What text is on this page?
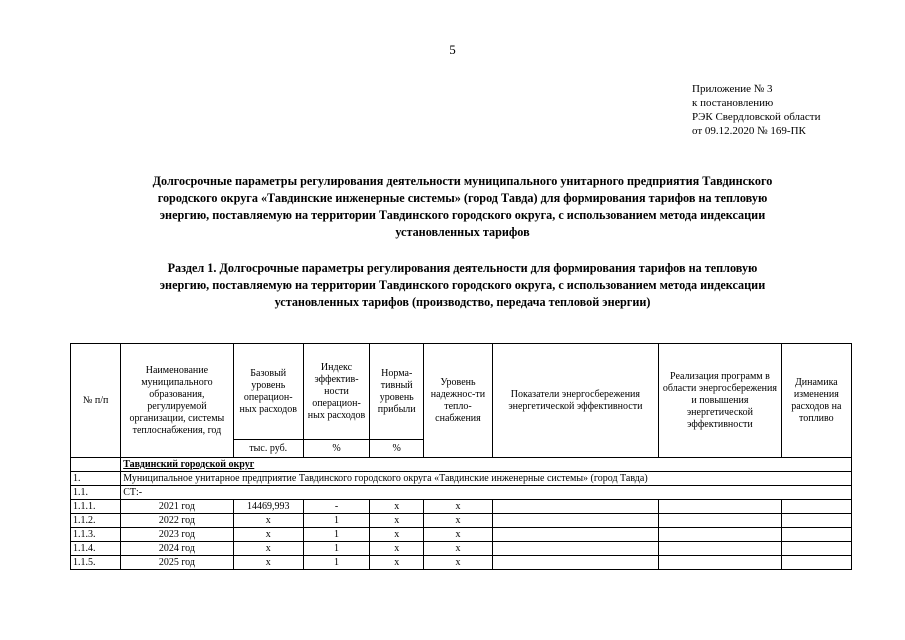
5
Приложение № 3
к постановлению
РЭК Свердловской области
от 09.12.2020 № 169-ПК
Долгосрочные параметры регулирования деятельности муниципального унитарного предприятия Тавдинского
городского округа «Тавдинские инженерные системы» (город Тавда) для формирования тарифов на тепловую
энергию, поставляемую на территории Тавдинского городского округа, с использованием метода индексации
установленных тарифов
Раздел 1. Долгосрочные параметры регулирования деятельности для формирования тарифов на тепловую
энергию, поставляемую на территории Тавдинского городского округа, с использованием метода индексации
установленных тарифов (производство, передача тепловой энергии)
№ п/п	Наименование муниципального образования, регулируемой организации, системы теплоснабжения, год	Базовый уровень операцион-ных расходов	Индекс эффектив-ности операцион-ных расходов	Норма-тивный уровень прибыли	Уровень надежнос-ти тепло-снабжения	Показатели энергосбережения энергетической эффективности	Реализация программ в области энергосбережения и повышения энергетической эффективности	Динамика изменения расходов на топливо
		тыс. руб.	%	%				
	Тавдинский городской округ							
1.	Муниципальное унитарное предприятие Тавдинского городского округа «Тавдинские инженерные системы» (город Тавда)							
1.1.	СТ:-							
1.1.1.	2021 год	14469,993	-	x	x			
1.1.2.	2022 год	x	1	x	x			
1.1.3.	2023 год	x	1	x	x			
1.1.4.	2024 год	x	1	x	x			
1.1.5.	2025 год	x	1	x	x			
